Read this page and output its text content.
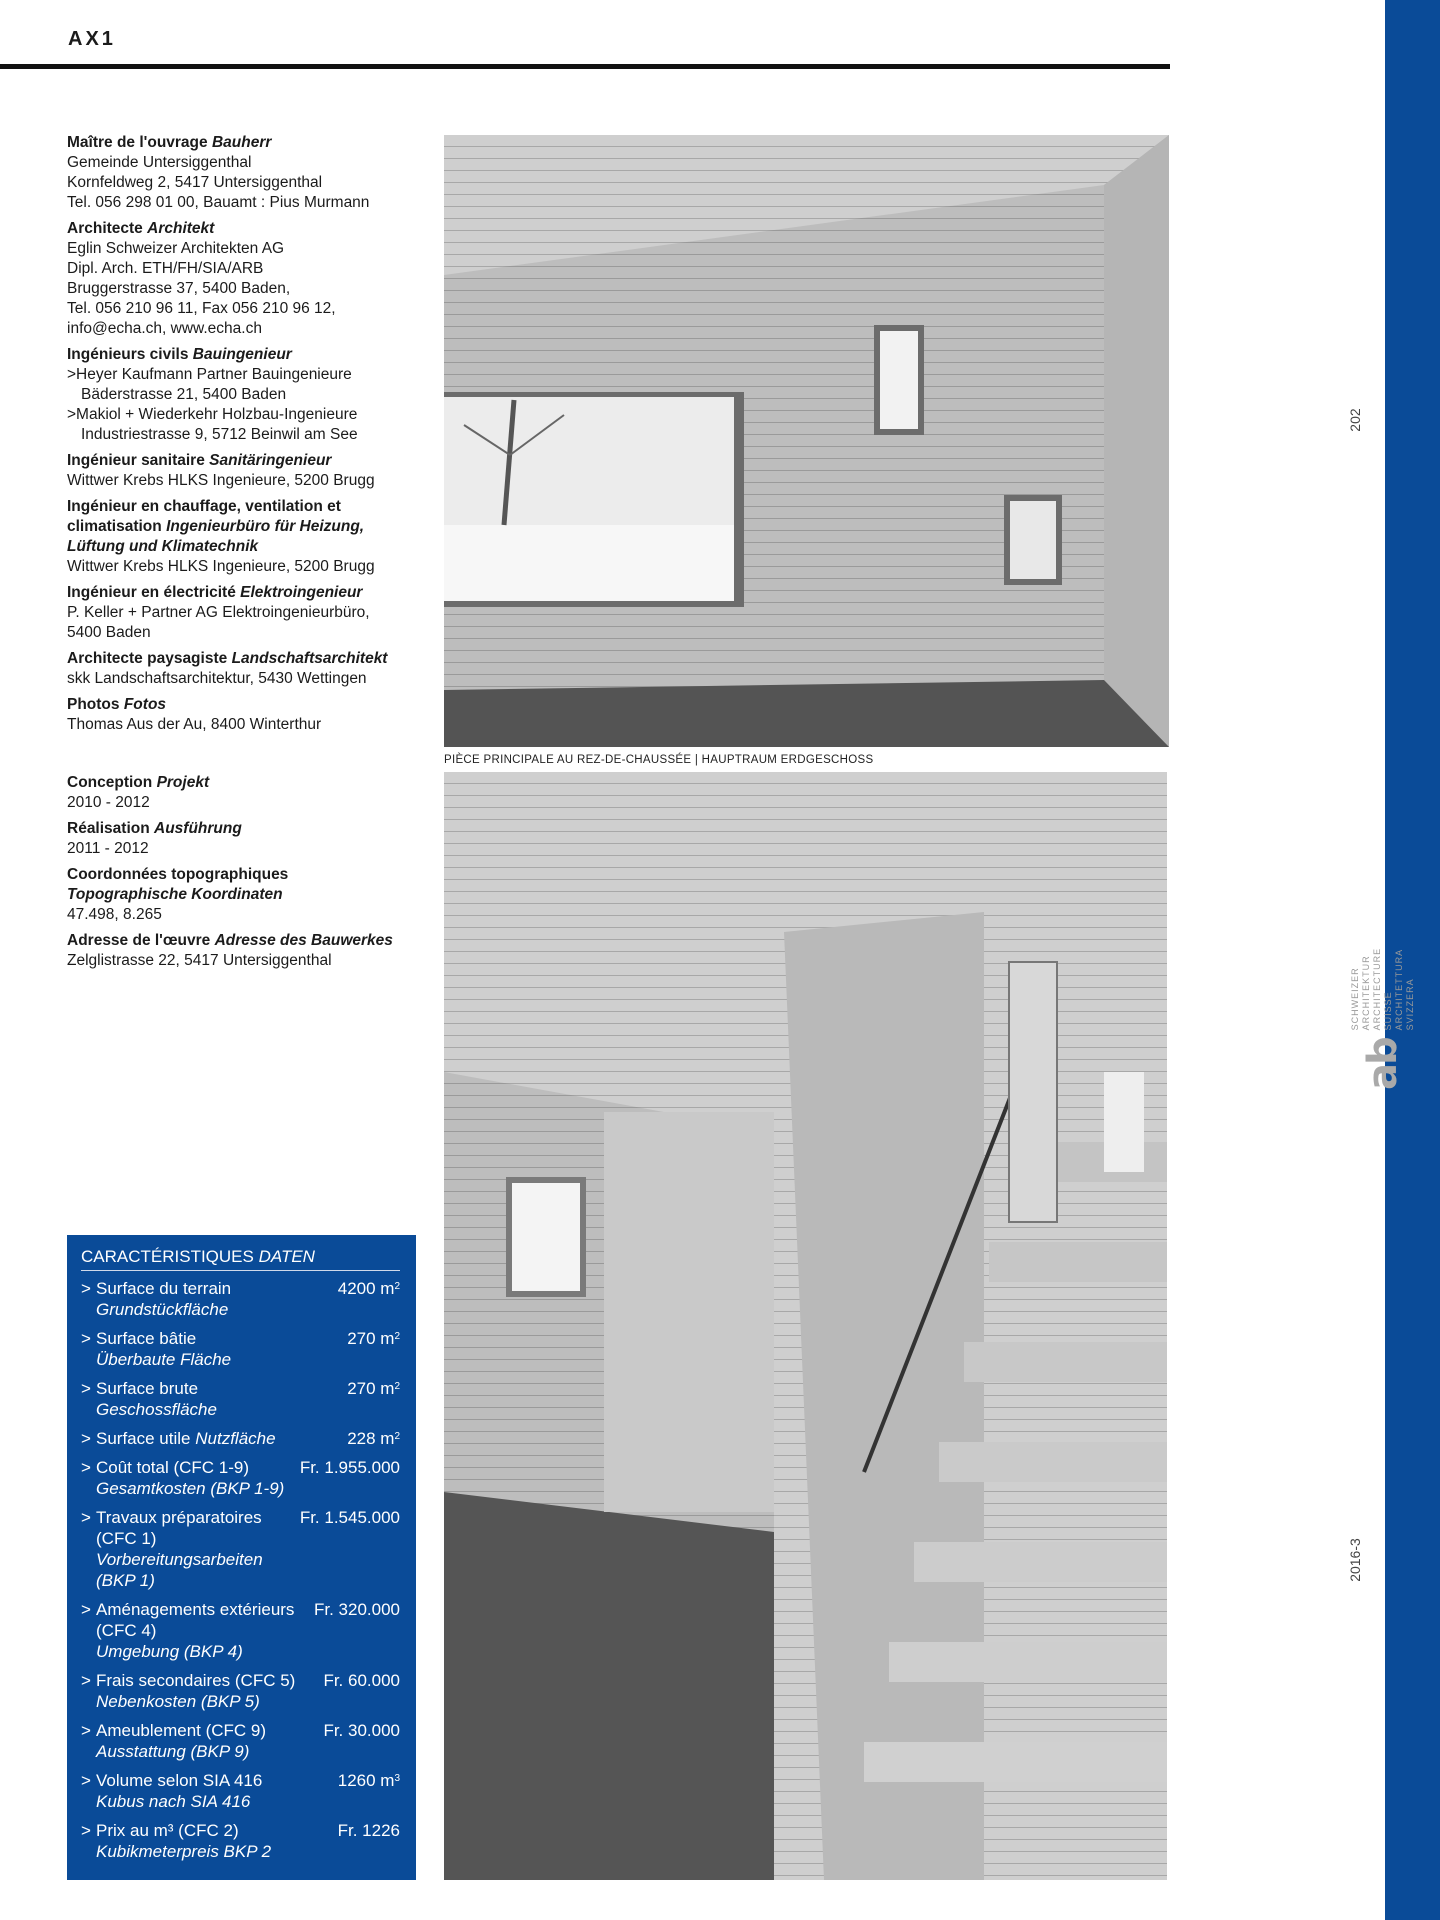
AX1
202
2016-3
ab
SCHWEIZER ARCHITEKTUR ARCHITECTURE SUISSE ARCHITETTURA SVIZZERA
Maître de l'ouvrage Bauherr
Gemeinde Untersiggenthal
Kornfeldweg 2, 5417 Untersiggenthal
Tel. 056 298 01 00, Bauamt : Pius Murmann
Architecte Architekt
Eglin Schweizer Architekten AG
Dipl. Arch. ETH/FH/SIA/ARB
Bruggerstrasse 37, 5400 Baden,
Tel. 056 210 96 11, Fax 056 210 96 12,
info@echa.ch, www.echa.ch
Ingénieurs civils Bauingenieur
>Heyer Kaufmann Partner Bauingenieure
Bäderstrasse 21, 5400 Baden
>Makiol + Wiederkehr Holzbau-Ingenieure
Industriestrasse 9, 5712 Beinwil am See
Ingénieur sanitaire Sanitäringenieur
Wittwer Krebs HLKS Ingenieure, 5200 Brugg
Ingénieur en chauffage, ventilation et climatisation Ingenieurbüro für Heizung, Lüftung und Klimatechnik
Wittwer Krebs HLKS Ingenieure, 5200 Brugg
Ingénieur en électricité Elektroingenieur
P. Keller + Partner AG Elektroingenieurbüro,
5400 Baden
Architecte paysagiste Landschaftsarchitekt
skk Landschaftsarchitektur, 5430 Wettingen
Photos Fotos
Thomas Aus der Au, 8400 Winterthur
Conception Projekt
2010 - 2012
Réalisation Ausführung
2011 - 2012
Coordonnées topographiques Topographische Koordinaten
47.498, 8.265
Adresse de l'œuvre Adresse des Bauwerkes
Zelglistrasse 22, 5417 Untersiggenthal
PIÈCE PRINCIPALE AU REZ-DE-CHAUSSÉE | HAUPTRAUM ERDGESCHOSS
CARACTÉRISTIQUES DATEN
> Surface du terrain
Grundstückfläche
4200 $m^2$
> Surface bâtie
Überbaute Fläche
270 $m^2$
> Surface brute
Geschossfläche
270 $m^2$
> Surface utile Nutzfläche	228 $m^2$
> Coût total (CFC 1-9)
Gesamtkosten (BKP 1-9)
Fr. 1.955.000
> Travaux préparatoires (CFC 1)
Vorbereitungsarbeiten (BKP 1)
Fr. 1.545.000
> Aménagements extérieurs (CFC 4)
Umgebung (BKP 4)
Fr. 320.000
> Frais secondaires (CFC 5)
Nebenkosten (BKP 5)
Fr. 60.000
> Ameublement (CFC 9)
Ausstattung (BKP 9)
Fr. 30.000
> Volume selon SIA 416
Kubus nach SIA 416
1260 $m^3$
> Prix au m³ (CFC 2)
Kubikmeterpreis BKP 2
Fr. 1226
